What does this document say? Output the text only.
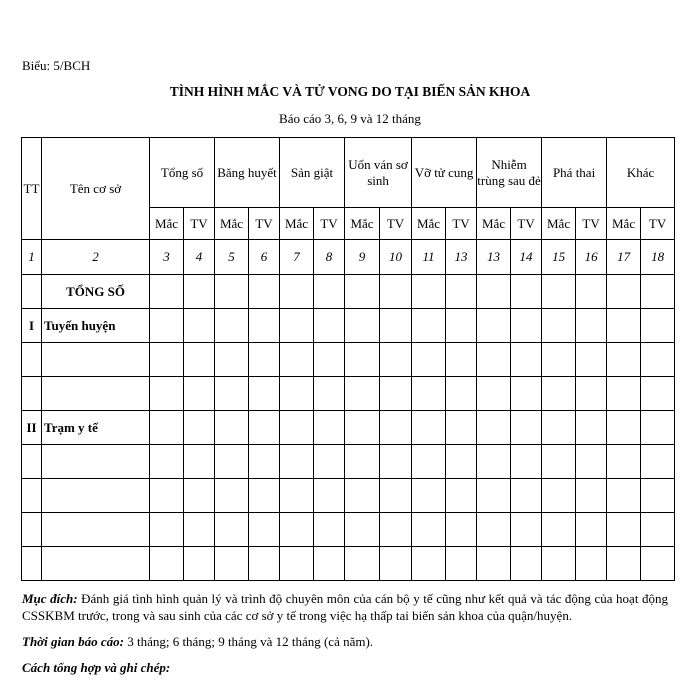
Biểu: 5/BCH
TÌNH HÌNH MẮC VÀ TỬ VONG DO TẠI BIẾN SẢN KHOA
Báo cáo 3, 6, 9 và 12 tháng
TT	Tên cơ sở	Tổng số		Băng huyết		Sản giật		Uốn ván sơ sinh		Vỡ tử cung		Nhiễm trùng sau đẻ		Phá thai		Khác	
		Mắc	TV	Mắc	TV	Mắc	TV	Mắc	TV	Mắc	TV	Mắc	TV	Mắc	TV	Mắc	TV
1	2	3	4	5	6	7	8	9	10	11	13	13	14	15	16	17	18
	TỔNG SỐ																
I	Tuyến huyện																

II	Trạm y tế																

Mục đích: Đánh giá tình hình quản lý và trình độ chuyên môn của cán bộ y tế cũng như kết quả và tác động của hoạt động CSSKBM trước, trong và sau sinh của các cơ sở y tế trong việc hạ thấp tai biến sản khoa của quận/huyện.

Thời gian báo cáo: 3 tháng; 6 tháng; 9 tháng và 12 tháng (cả năm).

Cách tổng hợp và ghi chép:
